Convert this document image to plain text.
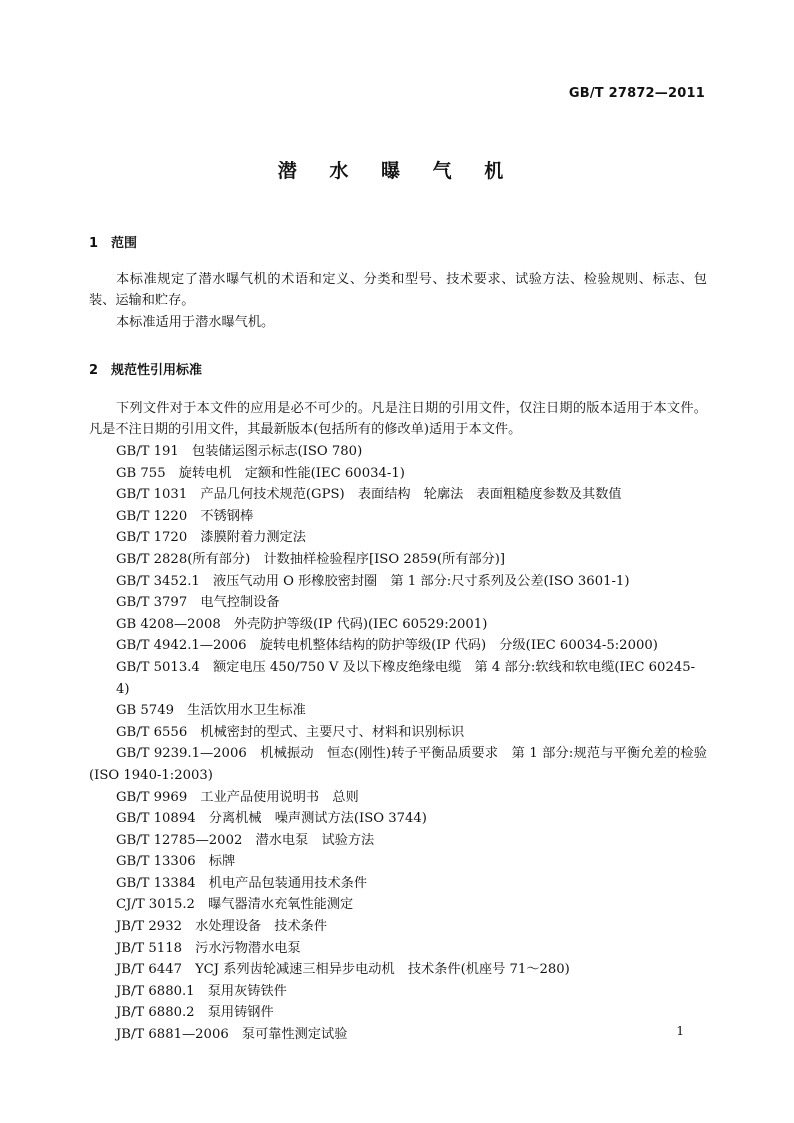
GB/T 27872—2011
潜 水 曝 气 机
1 范围
本标准规定了潜水曝气机的术语和定义、分类和型号、技术要求、试验方法、检验规则、标志、包装、运输和贮存。
本标准适用于潜水曝气机。
2 规范性引用标准
下列文件对于本文件的应用是必不可少的。凡是注日期的引用文件，仅注日期的版本适用于本文件。凡是不注日期的引用文件，其最新版本(包括所有的修改单)适用于本文件。
GB/T 191　包装储运图示标志(ISO 780)
GB 755　旋转电机　定额和性能(IEC 60034-1)
GB/T 1031　产品几何技术规范(GPS)　表面结构　轮廓法　表面粗糙度参数及其数值
GB/T 1220　不锈钢棒
GB/T 1720　漆膜附着力测定法
GB/T 2828(所有部分)　计数抽样检验程序[ISO 2859(所有部分)]
GB/T 3452.1　液压气动用 O 形橡胶密封圈　第 1 部分:尺寸系列及公差(ISO 3601-1)
GB/T 3797　电气控制设备
GB 4208—2008　外壳防护等级(IP 代码)(IEC 60529:2001)
GB/T 4942.1—2006　旋转电机整体结构的防护等级(IP 代码)　分级(IEC 60034-5:2000)
GB/T 5013.4　额定电压 450/750 V 及以下橡皮绝缘电缆　第 4 部分:软线和软电缆(IEC 60245-4)
GB 5749　生活饮用水卫生标准
GB/T 6556　机械密封的型式、主要尺寸、材料和识别标识
GB/T 9239.1—2006　机械振动　恒态(刚性)转子平衡品质要求　第 1 部分:规范与平衡允差的检验(ISO 1940-1:2003)
GB/T 9969　工业产品使用说明书　总则
GB/T 10894　分离机械　噪声测试方法(ISO 3744)
GB/T 12785—2002　潜水电泵　试验方法
GB/T 13306　标牌
GB/T 13384　机电产品包装通用技术条件
CJ/T 3015.2　曝气器清水充氧性能测定
JB/T 2932　水处理设备　技术条件
JB/T 5118　污水污物潜水电泵
JB/T 6447　YCJ 系列齿轮减速三相异步电动机　技术条件(机座号 71～280)
JB/T 6880.1　泵用灰铸铁件
JB/T 6880.2　泵用铸钢件
JB/T 6881—2006　泵可靠性测定试验	1
